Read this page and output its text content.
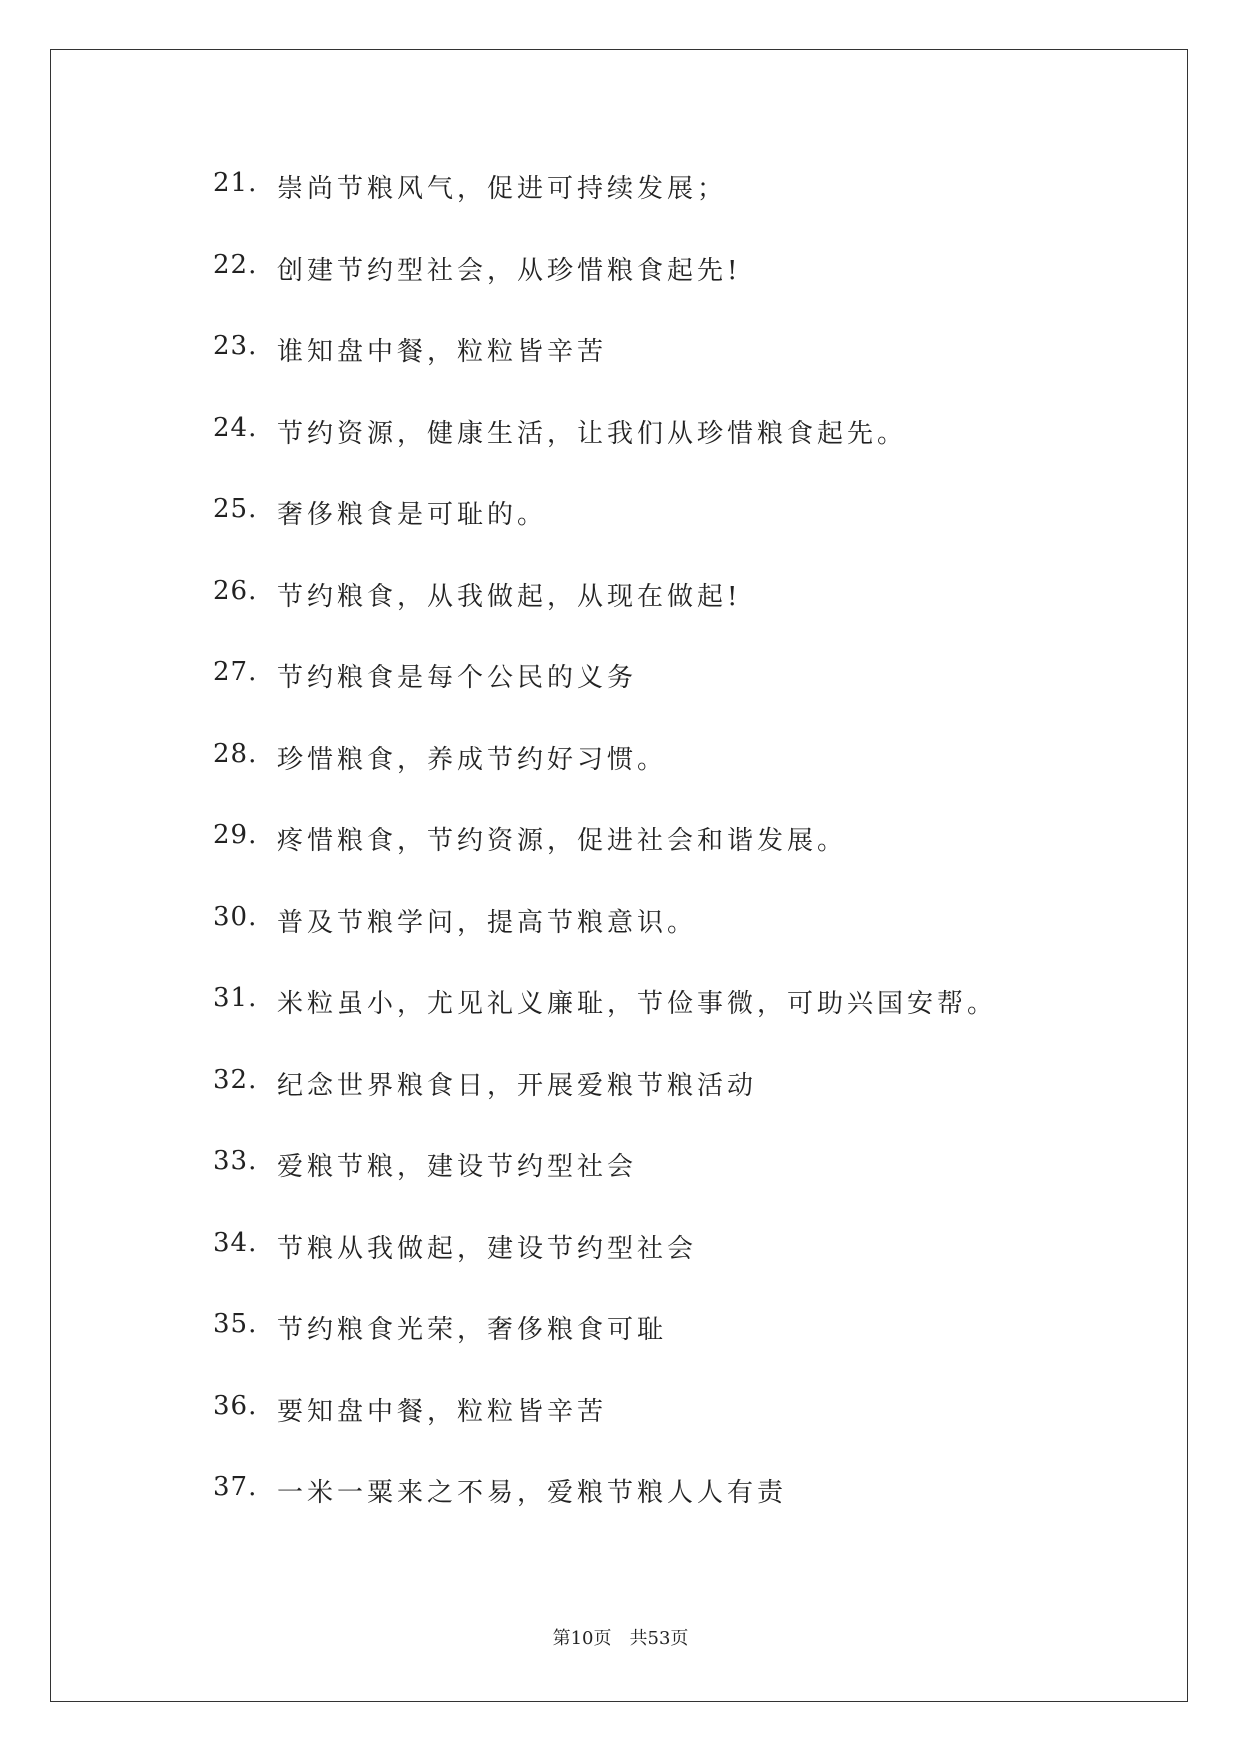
21. 崇尚节粮风气，促进可持续发展；
22. 创建节约型社会，从珍惜粮食起先!
23. 谁知盘中餐，粒粒皆辛苦
24. 节约资源，健康生活，让我们从珍惜粮食起先。
25. 奢侈粮食是可耻的。
26. 节约粮食，从我做起，从现在做起!
27. 节约粮食是每个公民的义务
28. 珍惜粮食，养成节约好习惯。
29. 疼惜粮食，节约资源，促进社会和谐发展。
30. 普及节粮学问，提高节粮意识。
31. 米粒虽小，尤见礼义廉耻，节俭事微，可助兴国安帮。
32. 纪念世界粮食日，开展爱粮节粮活动
33. 爱粮节粮，建设节约型社会
34. 节粮从我做起，建设节约型社会
35. 节约粮食光荣，奢侈粮食可耻
36. 要知盘中餐，粒粒皆辛苦
37. 一米一粟来之不易，爱粮节粮人人有责
第10页 共53页
